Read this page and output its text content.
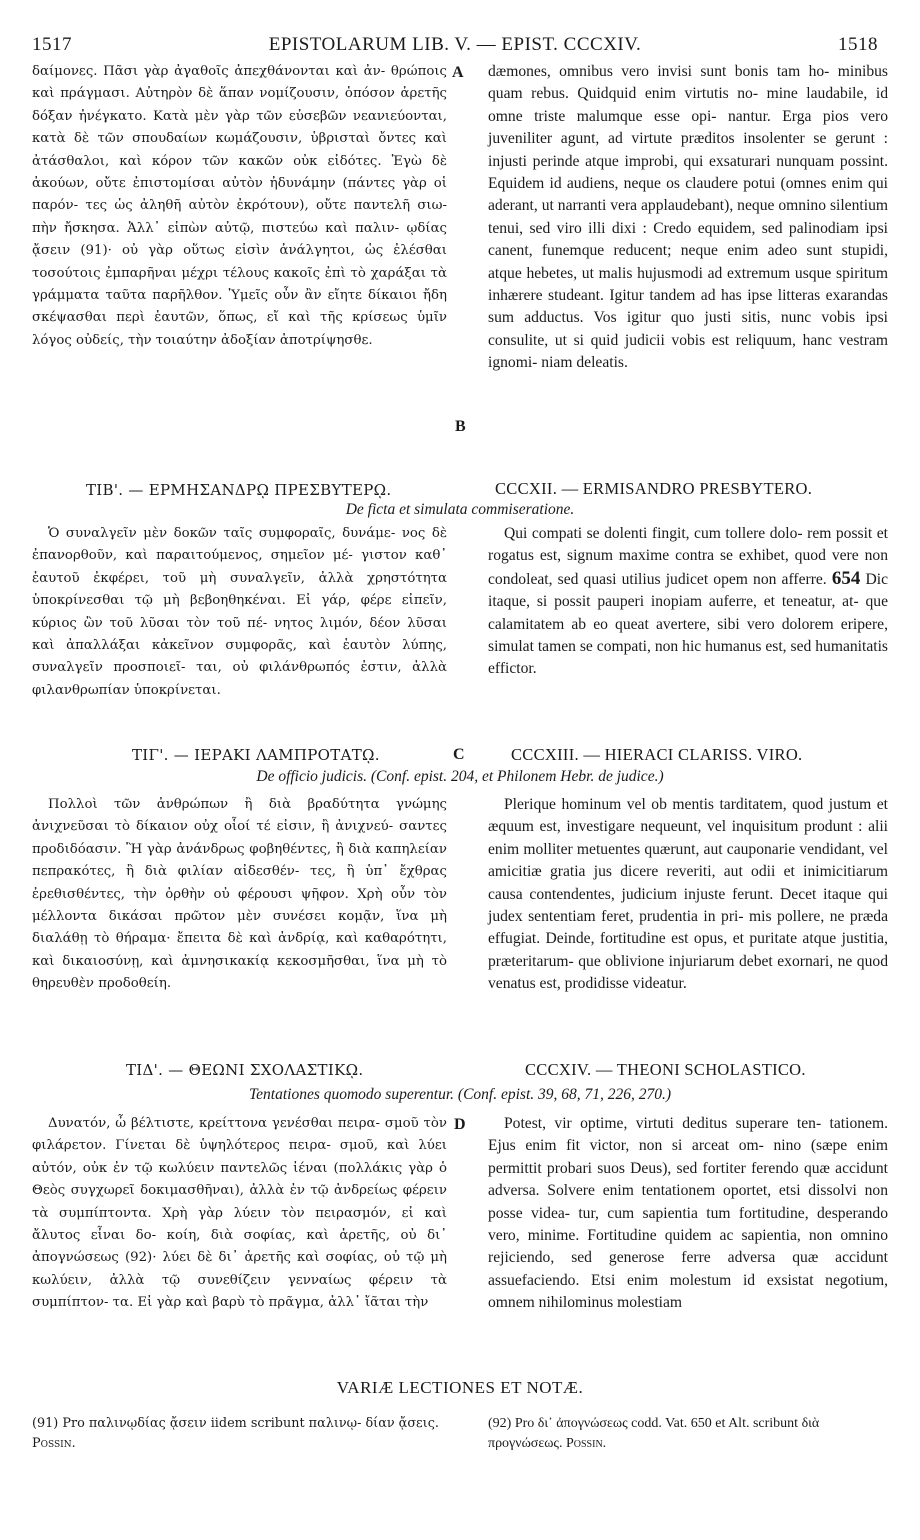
1517	EPISTOLARUM LIB. V. — EPIST. CCCXIV.	1518

δαίμονες. Πᾶσι γὰρ ἀγαθοῖς ἀπεχθάνονται καὶ ἀν- θρώποις καὶ πράγμασι. Αὐτηρὸν δὲ ἅπαν νομίζουσιν, ὁπόσον ἀρετῆς δόξαν ἠνέγκατο. Κατὰ μὲν γὰρ τῶν εὐσεβῶν νεανιεύονται, κατὰ δὲ τῶν σπουδαίων κωμάζουσιν, ὑβρισταὶ ὄντες καὶ ἀτάσθαλοι, καὶ κόρον τῶν κακῶν οὐκ εἰδότες. Ἐγὼ δὲ ἀκούων, οὔτε ἐπιστομίσαι αὐτὸν ἠδυνάμην (πάντες γὰρ οἱ παρόν- τες ὡς ἀληθῆ αὐτὸν ἐκρότουν), οὔτε παντελῆ σιω- πὴν ἤσκησα. Ἀλλ᾽ εἰπὼν αὐτῷ, πιστεύω καὶ παλιν- ῳδίας ᾄσειν (91)· οὐ γὰρ οὕτως εἰσὶν ἀνάλγητοι, ὡς ἐλέσθαι τοσούτοις ἐμπαρῆναι μέχρι τέλους κακοῖς ἐπὶ τὸ χαράξαι τὰ γράμματα ταῦτα παρῆλθον. Ὑμεῖς οὖν ἂν εἴητε δίκαιοι ἤδη σκέψασθαι περὶ ἑαυτῶν, ὅπως, εἴ καὶ τῆς κρίσεως ὑμῖν λόγος οὐδείς, τὴν τοιαύτην ἀδοξίαν ἀποτρίψησθε.

dæmones, omnibus vero invisi sunt bonis tam ho- minibus quam rebus. Quidquid enim virtutis no- mine laudabile, id omne triste malumque esse opi- nantur. Erga pios vero juveniliter agunt, ad virtute præditos insolenter se gerunt : injusti perinde atque improbi, qui exsaturari nunquam possint. Equidem id audiens, neque os claudere potui (omnes enim qui aderant, ut narranti vera applaudebant), neque omnino silentium tenui, sed viro illi dixi : Credo equidem, sed palinodiam ipsi canent, funemque reducent; neque enim adeo sunt stupidi, atque hebetes, ut malis hujusmodi ad extremum usque spiritum inhærere studeant. Igitur tandem ad has ipse litteras exarandas sum adductus. Vos igitur quo justi sitis, nunc vobis ipsi consulite, ut si quid judicii vobis est reliquum, hanc vestram ignomi- niam deleatis.

A
B
ΤΙΒ'. — ΕΡΜΗΣΑΝΔΡῼ ΠΡΕΣΒΥΤΕΡῼ.	CCCXII. — ERMISANDRO PRESBYTERO.
De ficta et simulata commiseratione.

Ὁ συναλγεῖν μὲν δοκῶν ταῖς συμφοραῖς, δυνάμε- νος δὲ ἐπανορθοῦν, καὶ παραιτούμενος, σημεῖον μέ- γιστον καθ᾽ ἑαυτοῦ ἐκφέρει, τοῦ μὴ συναλγεῖν, ἀλλὰ χρηστότητα ὑποκρίνεσθαι τῷ μὴ βεβοηθηκέναι. Εἰ γάρ, φέρε εἰπεῖν, κύριος ὢν τοῦ λῦσαι τὸν τοῦ πέ- νητος λιμόν, δέον λῦσαι καὶ ἀπαλλάξαι κἀκεῖνον συμφορᾶς, καὶ ἑαυτὸν λύπης, συναλγεῖν προσποιεῖ- ται, οὐ φιλάνθρωπός ἐστιν, ἀλλὰ φιλανθρωπίαν ὑποκρίνεται.

Qui compati se dolenti fingit, cum tollere dolo- rem possit et rogatus est, signum maxime contra se exhibet, quod vere non condoleat, sed quasi utilius judicet opem non afferre. 654 Dic itaque, si possit pauperi inopiam auferre, et teneatur, at- que calamitatem ab eo queat avertere, sibi vero dolorem eripere, simulat tamen se compati, non hic humanus est, sed humanitatis effictor.

ΤΙΓ'. — ΙΕΡΑΚΙ ΛΑΜΠΡΟΤΑΤῼ.	C	CCCXIII. — HIERACI CLARISS. VIRO.
De officio judicis. (Conf. epist. 204, et Philonem Hebr. de judice.)

Πολλοὶ τῶν ἀνθρώπων ἢ διὰ βραδύτητα γνώμης ἀνιχνεῦσαι τὸ δίκαιον οὐχ οἷοί τέ εἰσιν, ἢ ἀνιχνεύ- σαντες προδιδόασιν. Ἢ γὰρ ἀνάνδρως φοβηθέντες, ἢ διὰ καπηλείαν πεπρακότες, ἢ διὰ φιλίαν αἰδεσθέν- τες, ἢ ὑπ᾽ ἔχθρας ἐρεθισθέντες, τὴν ὀρθὴν οὐ φέρουσι ψῆφον. Χρὴ οὖν τὸν μέλλοντα δικάσαι πρῶτον μὲν συνέσει κομᾷν, ἵνα μὴ διαλάθῃ τὸ θήραμα· ἔπειτα δὲ καὶ ἀνδρίᾳ, καὶ καθαρότητι, καὶ δικαιοσύνῃ, καὶ ἀμνησικακίᾳ κεκοσμῆσθαι, ἵνα μὴ τὸ θηρευθὲν προδοθείη.

Plerique hominum vel ob mentis tarditatem, quod justum et æquum est, investigare nequeunt, vel inquisitum produnt : alii enim molliter metuentes quærunt, aut cauponarie vendidant, vel amicitiæ gratia jus dicere reveriti, aut odii et inimicitiarum causa contendentes, judicium injuste ferunt. Decet itaque qui judex sententiam feret, prudentia in pri- mis pollere, ne præda effugiat. Deinde, fortitudine est opus, et puritate atque justitia, præteritarum- que oblivione injuriarum debet exornari, ne quod venatus est, prodidisse videatur.

ΤΙΔ'. — ΘΕΩΝΙ ΣΧΟΛΑΣΤΙΚῼ.	CCCXIV. — THEONI SCHOLASTICO.
Tentationes quomodo superentur. (Conf. epist. 39, 68, 71, 226, 270.)
D

Δυνατόν, ὦ βέλτιστε, κρείττονα γενέσθαι πειρα- σμοῦ τὸν φιλάρετον. Γίνεται δὲ ὑψηλότερος πειρα- σμοῦ, καὶ λύει αὐτόν, οὐκ ἐν τῷ κωλύειν παντελῶς ἰέναι (πολλάκις γὰρ ὁ Θεὸς συγχωρεῖ δοκιμασθῆναι), ἀλλὰ ἐν τῷ ἀνδρείως φέρειν τὰ συμπίπτοντα. Χρὴ γὰρ λύειν τὸν πειρασμόν, εἰ καὶ ἄλυτος εἶναι δο- κοίη, διὰ σοφίας, καὶ ἀρετῆς, οὐ δι᾽ ἀπογνώσεως (92)· λύει δὲ δι᾽ ἀρετῆς καὶ σοφίας, οὐ τῷ μὴ κωλύειν, ἀλλὰ τῷ συνεθίζειν γενναίως φέρειν τὰ συμπίπτον- τα. Εἰ γὰρ καὶ βαρὺ τὸ πρᾶγμα, ἀλλ᾽ ἴᾶται τὴν

Potest, vir optime, virtuti deditus superare ten- tationem. Ejus enim fit victor, non si arceat om- nino (sæpe enim permittit probari suos Deus), sed fortiter ferendo quæ accidunt adversa. Solvere enim tentationem oportet, etsi dissolvi non posse videa- tur, cum sapientia tum fortitudine, desperando vero, minime. Fortitudine quidem ac sapientia, non omnino rejiciendo, sed generose ferre adversa quæ accidunt assuefaciendo. Etsi enim molestum id exsistat negotium, omnem nihilominus molestiam

VARIÆ LECTIONES ET NOTÆ.
(91) Pro παλινῳδίας ᾄσειν iidem scribunt παλινῳ- δίαν ᾄσεις. Possin.
(92) Pro δι᾽ ἀπογνώσεως codd. Vat. 650 et Alt. scribunt διὰ προγνώσεως. Possin.
